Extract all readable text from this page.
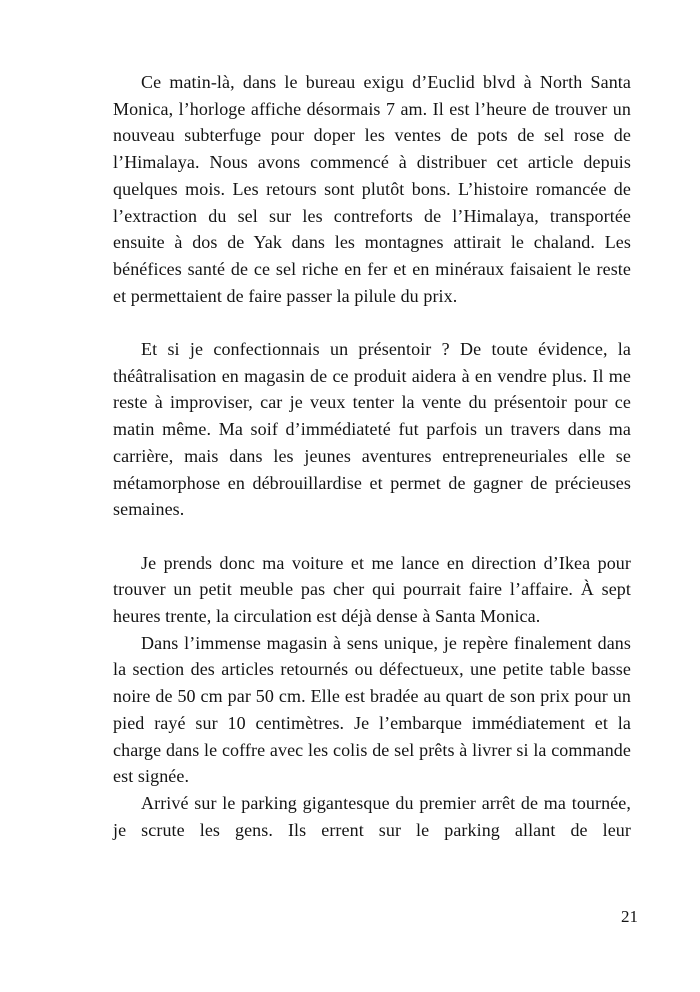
Ce matin-là, dans le bureau exigu d’Euclid blvd à North Santa Monica, l’horloge affiche désormais 7 am. Il est l’heure de trouver un nouveau subterfuge pour doper les ventes de pots de sel rose de l’Himalaya. Nous avons commencé à distribuer cet article depuis quelques mois. Les retours sont plutôt bons. L’histoire romancée de l’extraction du sel sur les contreforts de l’Himalaya, transportée ensuite à dos de Yak dans les montagnes attirait le chaland. Les bénéfices santé de ce sel riche en fer et en minéraux faisaient le reste et permettaient de faire passer la pilule du prix.

Et si je confectionnais un présentoir ? De toute évidence, la théâtralisation en magasin de ce produit aidera à en vendre plus. Il me reste à improviser, car je veux tenter la vente du présentoir pour ce matin même. Ma soif d’immédiateté fut parfois un travers dans ma carrière, mais dans les jeunes aventures entrepreneuriales elle se métamorphose en débrouillardise et permet de gagner de précieuses semaines.

Je prends donc ma voiture et me lance en direction d’Ikea pour trouver un petit meuble pas cher qui pourrait faire l’affaire. À sept heures trente, la circulation est déjà dense à Santa Monica.

Dans l’immense magasin à sens unique, je repère finalement dans la section des articles retournés ou défectueux, une petite table basse noire de 50 cm par 50 cm. Elle est bradée au quart de son prix pour un pied rayé sur 10 centimètres. Je l’embarque immédiatement et la charge dans le coffre avec les colis de sel prêts à livrer si la commande est signée.

Arrivé sur le parking gigantesque du premier arrêt de ma tournée, je scrute les gens. Ils errent sur le parking allant de leur

21
